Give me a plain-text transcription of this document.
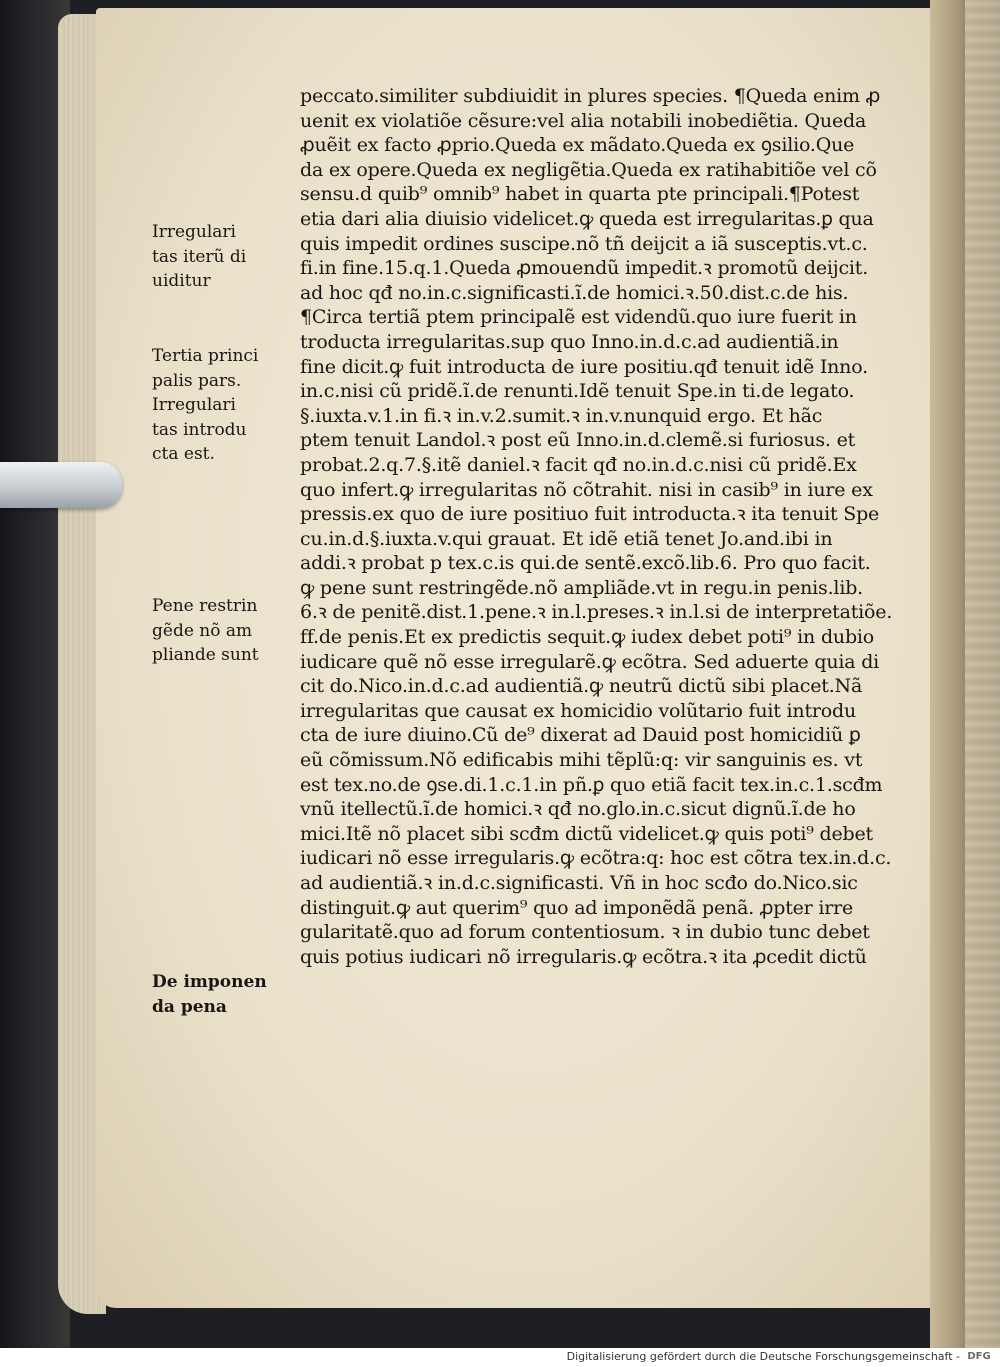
peccato.similiter subdiuidit in plures species. ¶Queda enim ꝓ
uenit ex violatiõe cẽsure:vel alia notabili inobediẽtia. Queda
ꝓuẽit ex facto ꝓprio.Queda ex mãdato.Queda ex ꝯsilio.Que
da ex opere.Queda ex negligẽtia.Queda ex ratihabitiõe vel cõ
sensu.d quib⁹ omnib⁹ habet in quarta pte principali.¶Potest
etia dari alia diuisio videlicet.ꝙ queda est irregularitas.ꝑ qua
quis impedit ordines suscipe.nõ tñ deijcit a iã susceptis.vt.c.
fi.in fine.15.q.1.Queda ꝓmouendũ impedit.ꝛ promotũ deijcit.
ad hoc qđ no.in.c.significasti.ĩ.de homici.ꝛ.50.dist.c.de his.
¶Circa tertiã ptem principalẽ est videndũ.quo iure fuerit in
troducta irregularitas.sup quo Inno.in.d.c.ad audientiã.in
fine dicit.ꝙ fuit introducta de iure positiu.qđ tenuit idẽ Inno.
in.c.nisi cũ pridẽ.ĩ.de renunti.Idẽ tenuit Spe.in ti.de legato.
§.iuxta.v.1.in fi.ꝛ in.v.2.sumit.ꝛ in.v.nunquid ergo. Et hãc
ptem tenuit Landol.ꝛ post eũ Inno.in.d.clemẽ.si furiosus. et
probat.2.q.7.§.itẽ daniel.ꝛ facit qđ no.in.d.c.nisi cũ pridẽ.Ex
quo infert.ꝙ irregularitas nõ cõtrahit. nisi in casib⁹ in iure ex
pressis.ex quo de iure positiuo fuit introducta.ꝛ ita tenuit Spe
cu.in.d.§.iuxta.v.qui grauat. Et idẽ etiã tenet Jo.and.ibi in
addi.ꝛ probat p tex.c.is qui.de sentẽ.excõ.lib.6. Pro quo facit.
ꝙ pene sunt restringẽde.nõ ampliãde.vt in regu.in penis.lib.
6.ꝛ de penitẽ.dist.1.pene.ꝛ in.l.preses.ꝛ in.l.si de interpretatiõe.
ff.de penis.Et ex predictis sequit.ꝙ iudex debet poti⁹ in dubio
iudicare quẽ nõ esse irregularẽ.ꝙ ecõtra. Sed aduerte quia di
cit do.Nico.in.d.c.ad audientiã.ꝙ neutrũ dictũ sibi placet.Nã
irregularitas que causat ex homicidio volũtario fuit introdu
cta de iure diuino.Cũ de⁹ dixerat ad Dauid post homicidiũ ꝑ
eũ cõmissum.Nõ edificabis mihi tẽplũ:q: vir sanguinis es. vt
est tex.no.de ꝯse.di.1.c.1.in pñ.ꝑ quo etiã facit tex.in.c.1.scđm
vnũ itellectũ.ĩ.de homici.ꝛ qđ no.glo.in.c.sicut dignũ.ĩ.de ho
mici.Itẽ nõ placet sibi scđm dictũ videlicet.ꝙ quis poti⁹ debet
iudicari nõ esse irregularis.ꝙ ecõtra:q: hoc est cõtra tex.in.d.c.
ad audientiã.ꝛ in.d.c.significasti. Vñ in hoc scđo do.Nico.sic
distinguit.ꝙ aut querim⁹ quo ad imponẽdã penã. ꝓpter irre
gularitatẽ.quo ad forum contentiosum. ꝛ in dubio tunc debet
quis potius iudicari nõ irregularis.ꝙ ecõtra.ꝛ ita ꝓcedit dictũ
Irregulari
tas iterũ di
uiditur
Tertia princi
palis pars.
Irregulari
tas introdu
cta est.
Pene restrin
gẽde nõ am
pliande sunt
De imponen
da pena
Digitalisierung gefördert durch die Deutsche Forschungsgemeinschaft - DFG
